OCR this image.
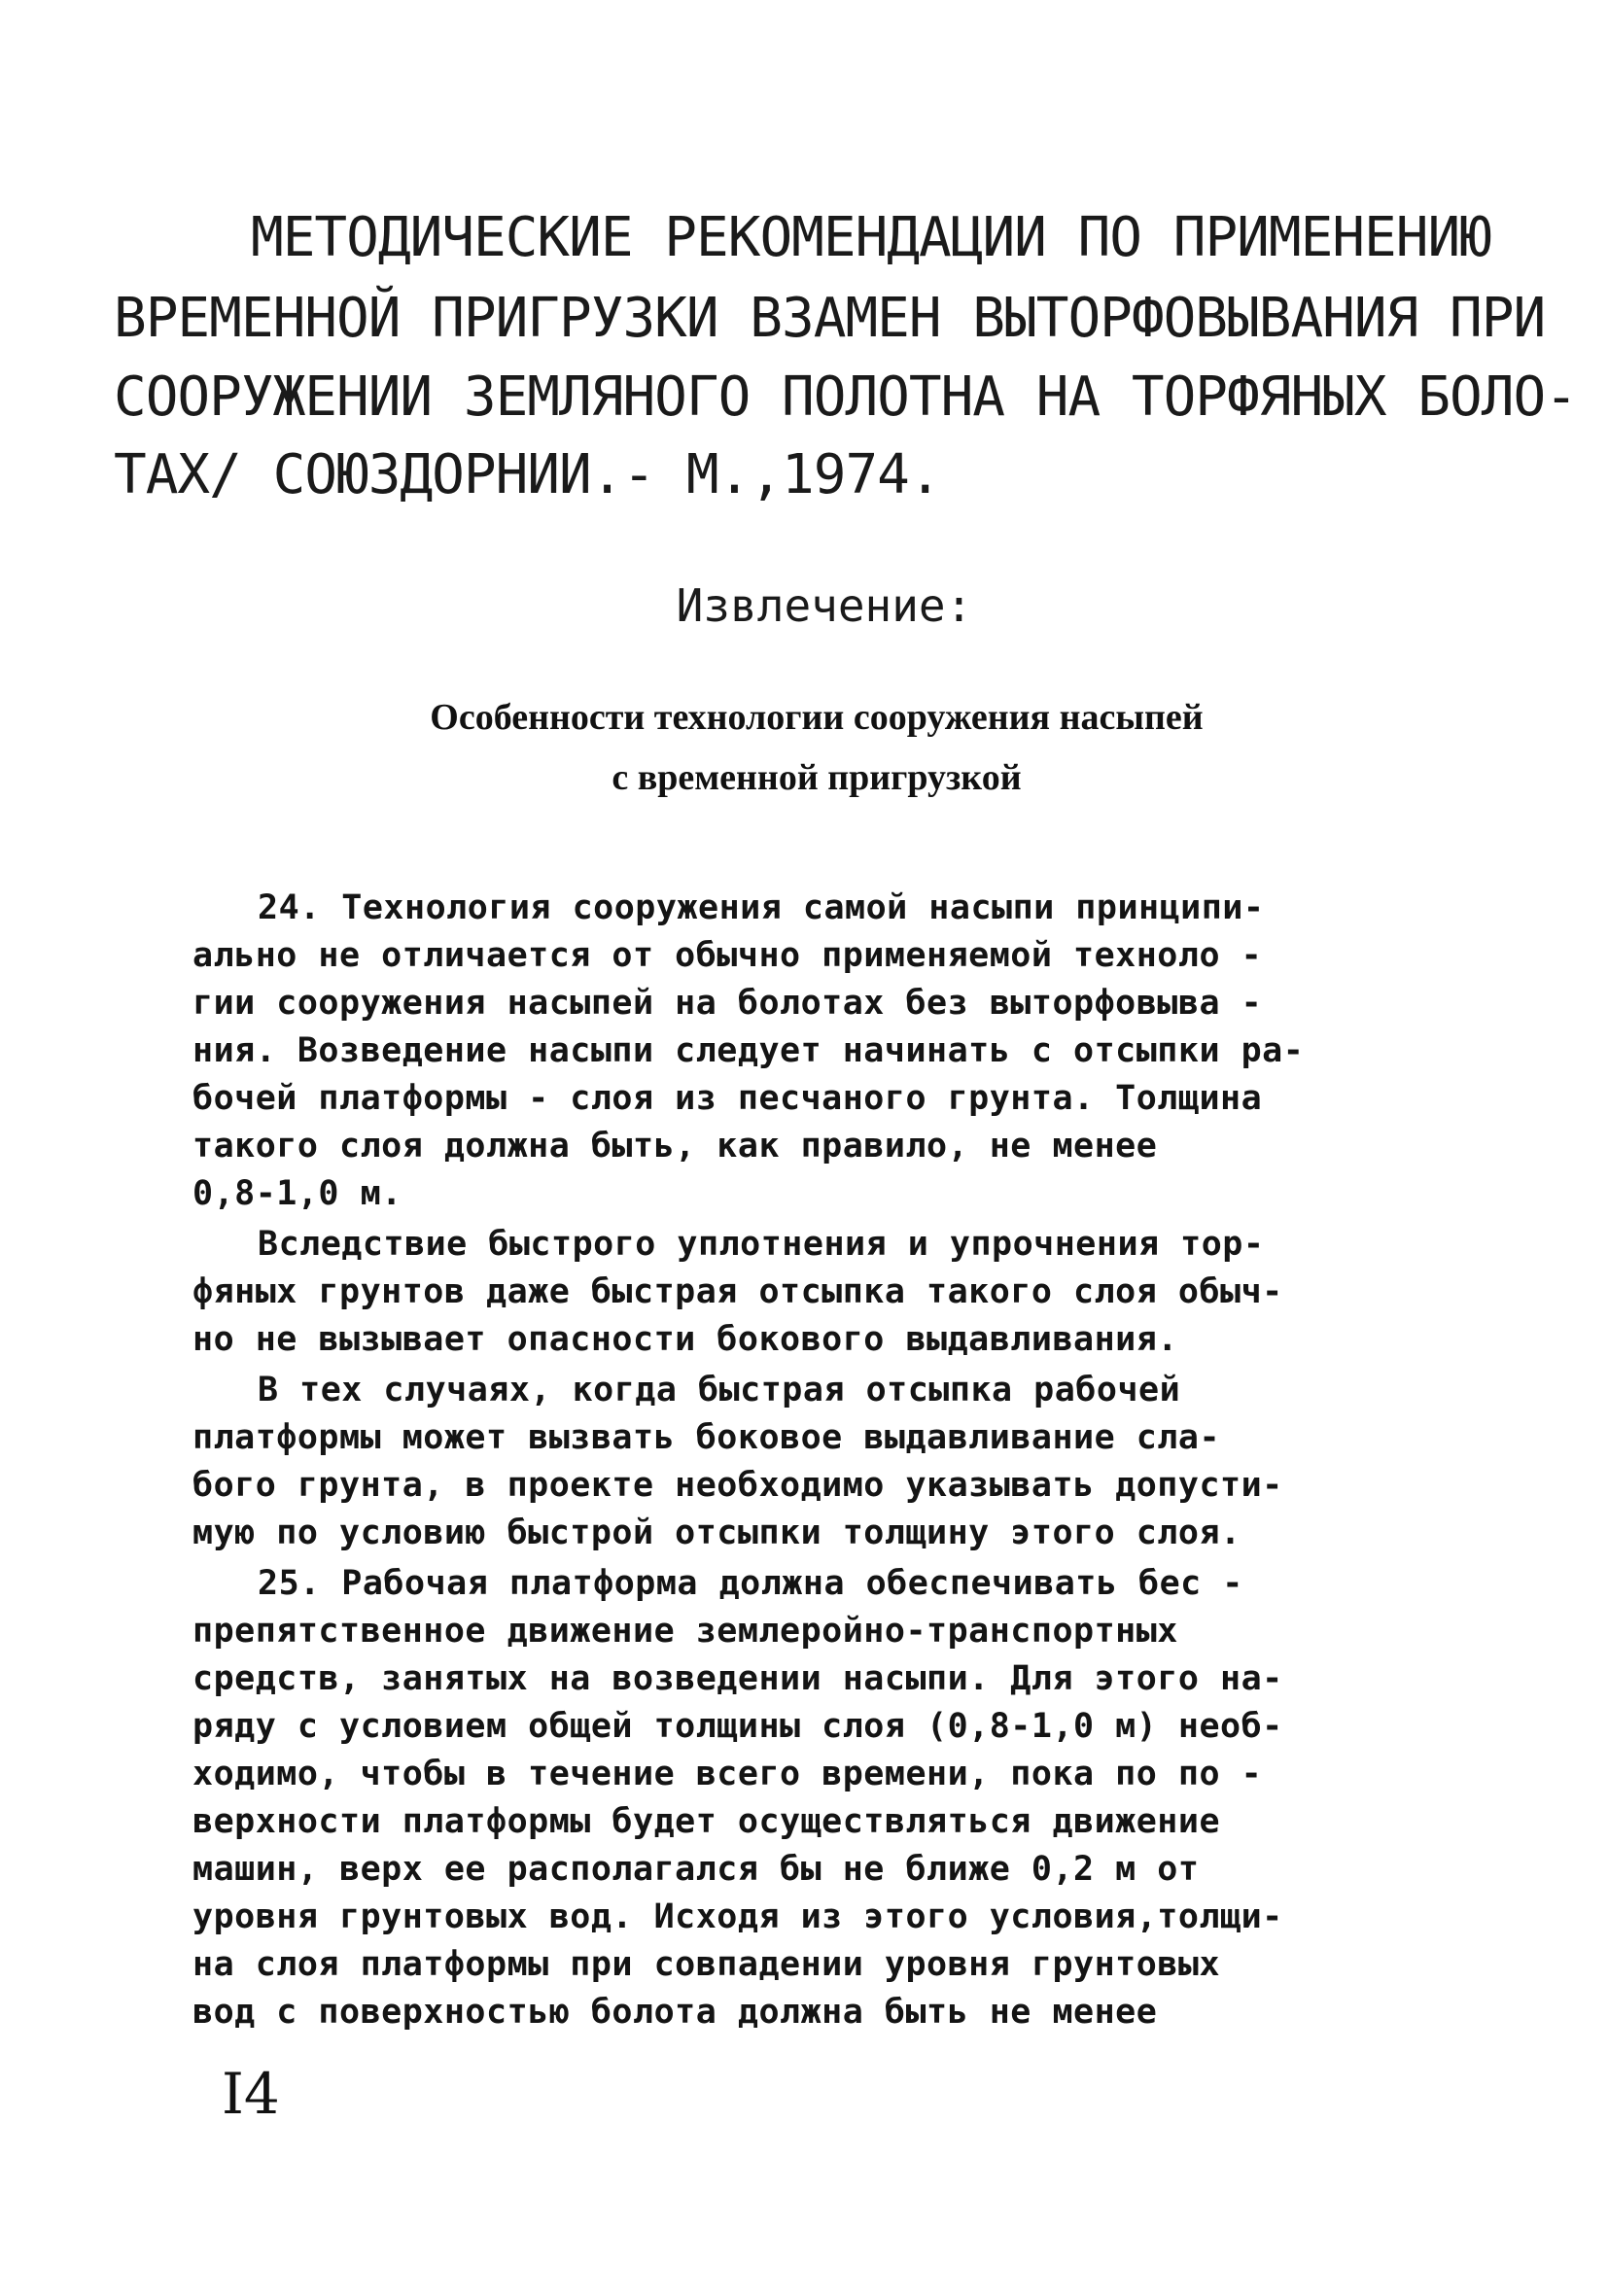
МЕТОДИЧЕСКИЕ РЕКОМЕНДАЦИИ ПО ПРИМЕНЕНИЮ

ВРЕМЕННОЙ ПРИГРУЗКИ ВЗАМЕН ВЫТОРФОВЫВАНИЯ ПРИ

СООРУЖЕНИИ ЗЕМЛЯНОГО ПОЛОТНА НА ТОРФЯНЫХ БОЛО-

ТАХ/ СОЮЗДОРНИИ.- М.,1974.

Извлечение:
Особенности технологии сооружения насыпей
с временной пригрузкой

24. Технология сооружения самой насыпи принципи-

ально не отличается от обычно применяемой техноло -

гии сооружения насыпей на болотах без выторфовыва -

ния. Возведение насыпи следует начинать с отсыпки ра-

бочей платформы - слоя из песчаного грунта. Толщина

такого слоя должна быть, как правило, не менее

0,8-1,0 м.

Вследствие быстрого уплотнения и упрочнения тор-

фяных грунтов даже быстрая отсыпка такого слоя обыч-

но не вызывает опасности бокового выдавливания.

В тех случаях, когда быстрая отсыпка рабочей

платформы может вызвать боковое выдавливание сла-

бого грунта, в проекте необходимо указывать допусти-

мую по условию быстрой отсыпки толщину этого слоя.

25. Рабочая платформа должна обеспечивать бес -

препятственное движение землеройно-транспортных

средств, занятых на возведении насыпи. Для этого на-

ряду с условием общей толщины слоя (0,8-1,0 м) необ-

ходимо, чтобы в течение всего времени, пока по по -

верхности платформы будет осуществляться движение

машин, верх ее располагался бы не ближе 0,2 м от

уровня грунтовых вод. Исходя из этого условия,толщи-

на слоя платформы при совпадении уровня грунтовых

вод с поверхностью болота должна быть не менее

I4
